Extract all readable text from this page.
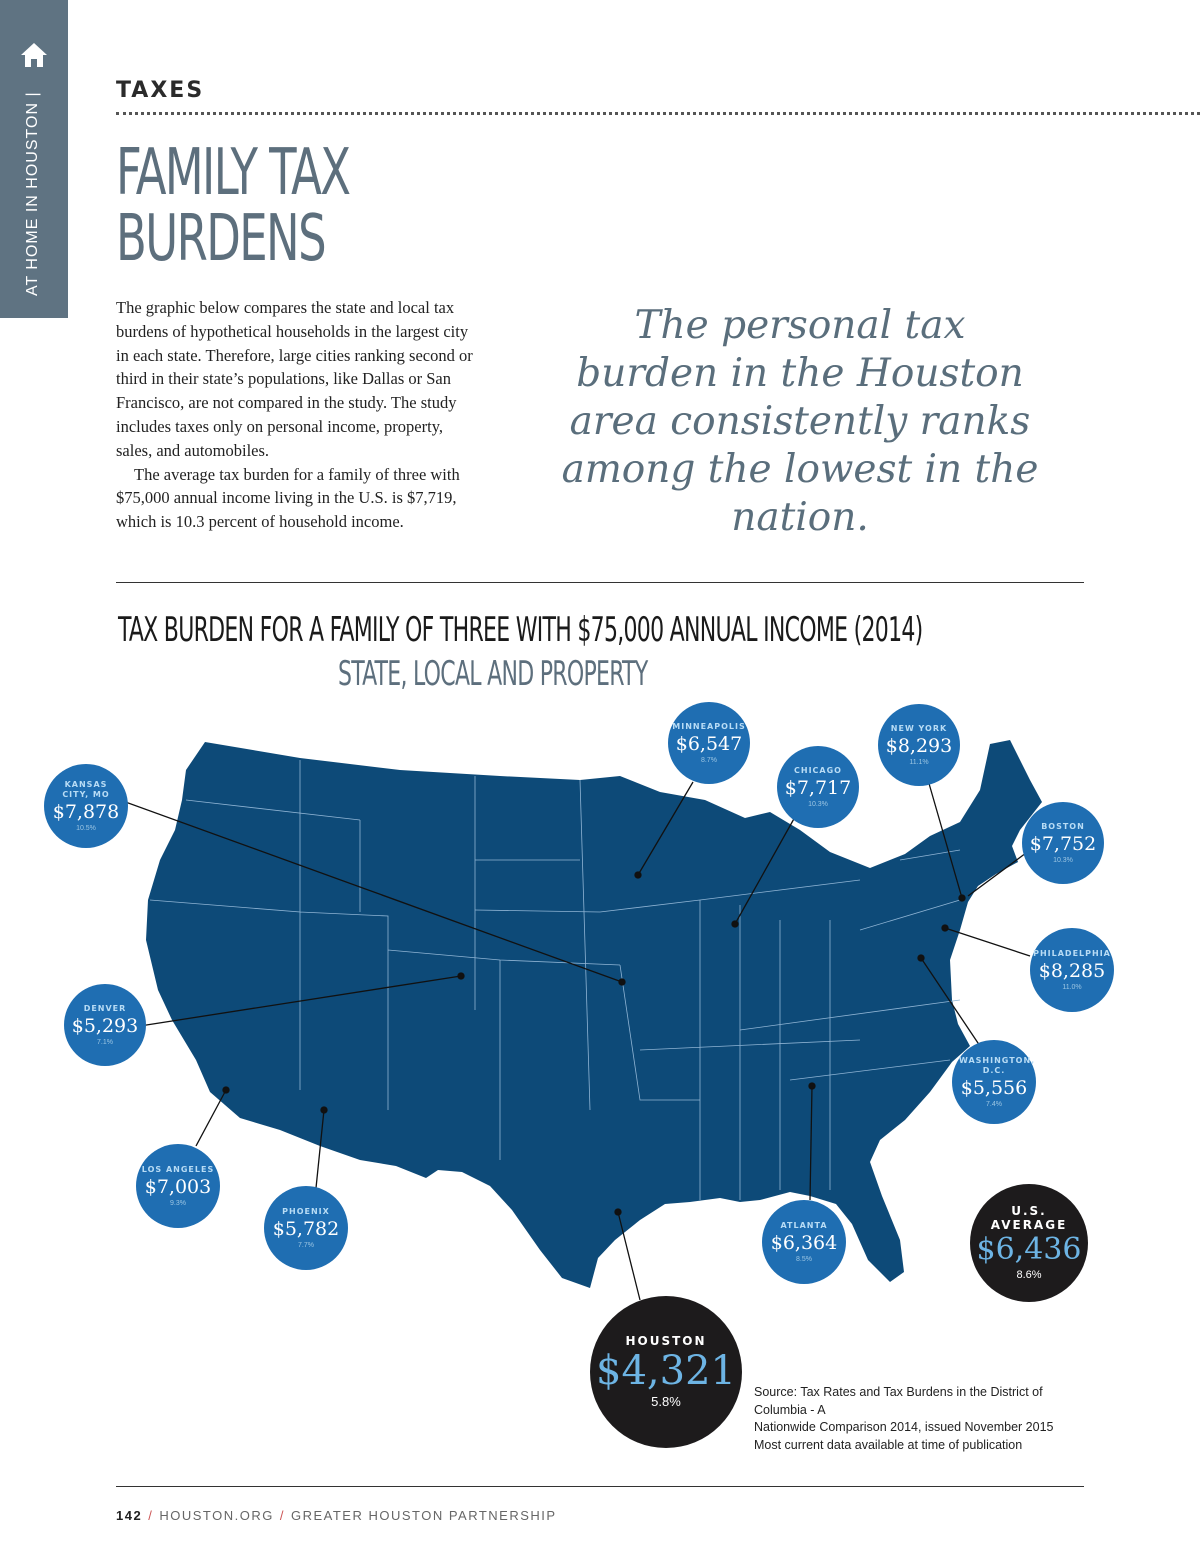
AT HOME IN HOUSTON |
TAXES
FAMILY TAX
BURDENS

The graphic below compares the state and local tax burdens of hypothetical households in the largest city in each state. Therefore, large cities ranking second or third in their state’s populations, like Dallas or San Francisco, are not compared in the study. The study includes taxes only on personal income, property, sales, and automobiles.

The average tax burden for a family of three with $75,000 annual income living in the U.S. is $7,719, which is 10.3 percent of household income.

The personal tax burden in the Houston area consistently ranks among the lowest in the nation.
TAX BURDEN FOR A FAMILY OF THREE WITH $75,000 ANNUAL INCOME (2014)
STATE, LOCAL AND PROPERTY
MINNEAPOLIS
$6,547
8.7%
NEW YORK
$8,293
11.1%
CHICAGO
$7,717
10.3%
KANSAS CITY, MO
$7,878
10.5%	BOSTON
$7,752
10.3%
PHILADELPHIA
$8,285
11.0%
DENVER
$5,293
7.1%
WASHINGTON, D.C.
$5,556
7.4%
LOS ANGELES
$7,003
9.3%
PHOENIX
$5,782
7.7%
ATLANTA
$6,364
8.5%
U.S. AVERAGE
$6,436
8.6%
HOUSTON
$4,321
5.8%
Source: Tax Rates and Tax Burdens in the District of Columbia - A
Nationwide Comparison 2014, issued November 2015
Most current data available at time of publication
142 / HOUSTON.ORG / GREATER HOUSTON PARTNERSHIP
